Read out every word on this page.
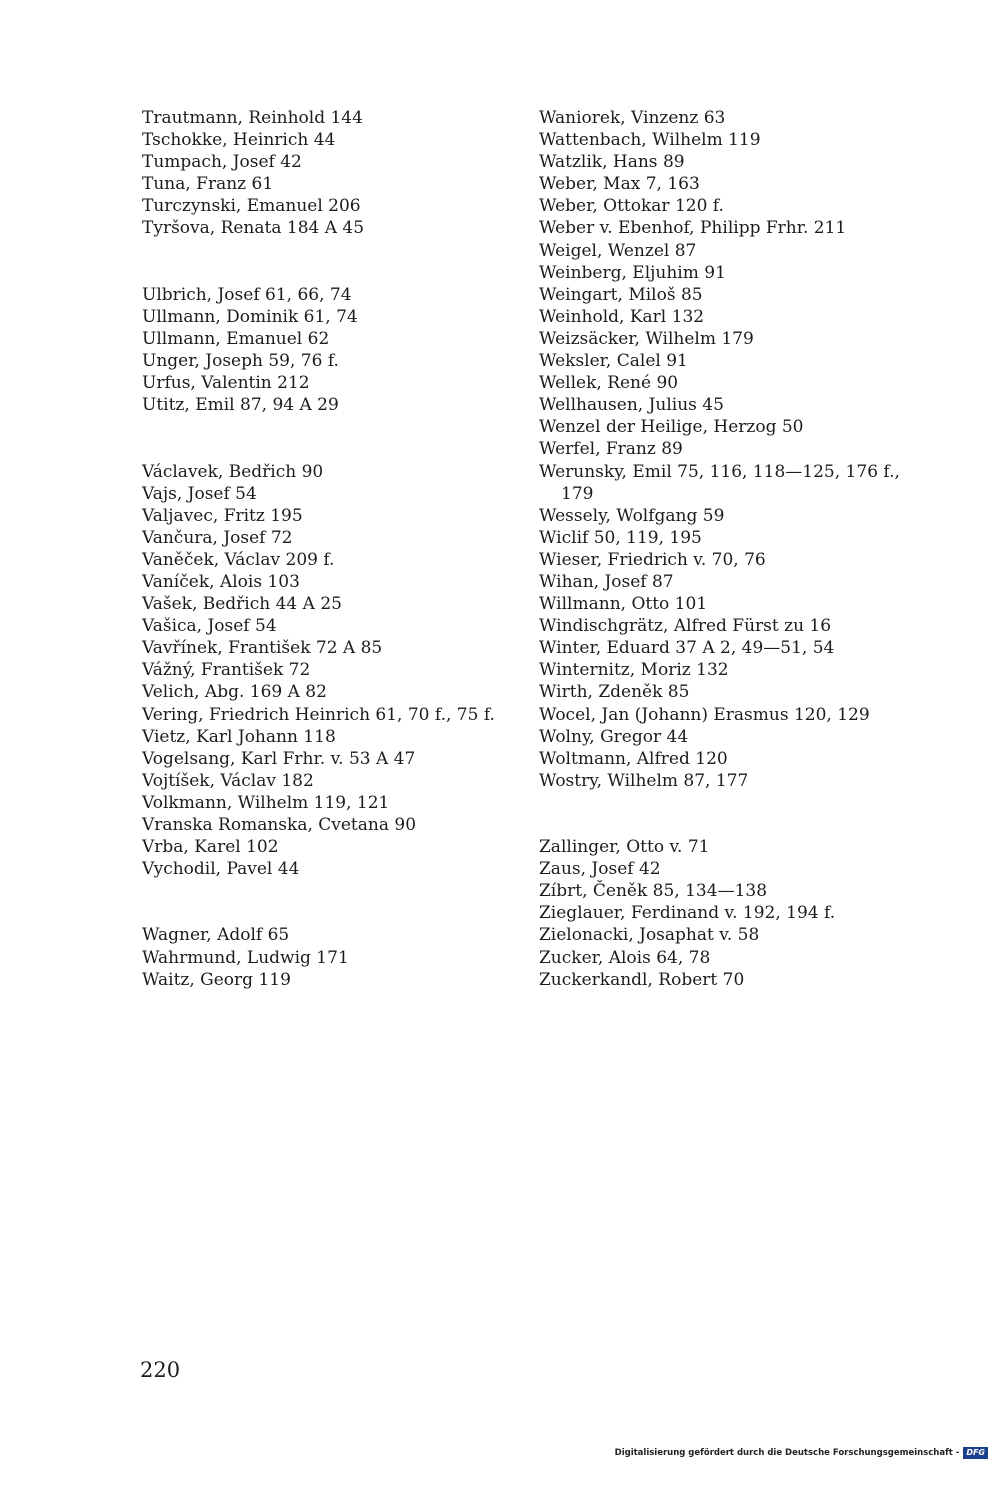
Trautmann, Reinhold 144
Tschokke, Heinrich 44
Tumpach, Josef 42
Tuna, Franz 61
Turczynski, Emanuel 206
Tyršova, Renata 184 A 45
Ulbrich, Josef 61, 66, 74
Ullmann, Dominik 61, 74
Ullmann, Emanuel 62
Unger, Joseph 59, 76 f.
Urfus, Valentin 212
Utitz, Emil 87, 94 A 29
Václavek, Bedřich 90
Vajs, Josef 54
Valjavec, Fritz 195
Vančura, Josef 72
Vaněček, Václav 209 f.
Vaníček, Alois 103
Vašek, Bedřich 44 A 25
Vašica, Josef 54
Vavřínek, František 72 A 85
Vážný, František 72
Velich, Abg. 169 A 82
Vering, Friedrich Heinrich 61, 70 f., 75 f.
Vietz, Karl Johann 118
Vogelsang, Karl Frhr. v. 53 A 47
Vojtíšek, Václav 182
Volkmann, Wilhelm 119, 121
Vranska Romanska, Cvetana 90
Vrba, Karel 102
Vychodil, Pavel 44
Wagner, Adolf 65
Wahrmund, Ludwig 171
Waitz, Georg 119
Waniorek, Vinzenz 63
Wattenbach, Wilhelm 119
Watzlik, Hans 89
Weber, Max 7, 163
Weber, Ottokar 120 f.
Weber v. Ebenhof, Philipp Frhr. 211
Weigel, Wenzel 87
Weinberg, Eljuhim 91
Weingart, Miloš 85
Weinhold, Karl 132
Weizsäcker, Wilhelm 179
Weksler, Calel 91
Wellek, René 90
Wellhausen, Julius 45
Wenzel der Heilige, Herzog 50
Werfel, Franz 89
Werunsky, Emil 75, 116, 118—125, 176 f.,
179
Wessely, Wolfgang 59
Wiclif 50, 119, 195
Wieser, Friedrich v. 70, 76
Wihan, Josef 87
Willmann, Otto 101
Windischgrätz, Alfred Fürst zu 16
Winter, Eduard 37 A 2, 49—51, 54
Winternitz, Moriz 132
Wirth, Zdeněk 85
Wocel, Jan (Johann) Erasmus 120, 129
Wolny, Gregor 44
Woltmann, Alfred 120
Wostry, Wilhelm 87, 177
Zallinger, Otto v. 71
Zaus, Josef 42
Zíbrt, Čeněk 85, 134—138
Zieglauer, Ferdinand v. 192, 194 f.
Zielonacki, Josaphat v. 58
Zucker, Alois 64, 78
Zuckerkandl, Robert 70
220
Digitalisierung gefördert durch die Deutsche Forschungsgemeinschaft - DFG
